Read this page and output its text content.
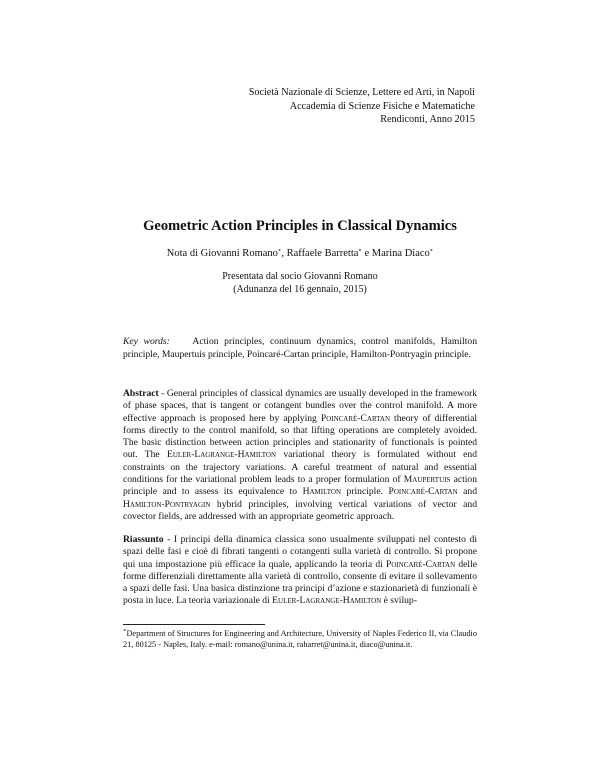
Società Nazionale di Scienze, Lettere ed Arti, in Napoli
Accademia di Scienze Fisiche e Matematiche
Rendiconti, Anno 2015
Geometric Action Principles in Classical Dynamics
Nota di Giovanni Romano∘, Raffaele Barretta∘ e Marina Diaco∘
Presentata dal socio Giovanni Romano
(Adunanza del 16 gennaio, 2015)
Key words: Action principles, continuum dynamics, control manifolds, Hamilton principle, Maupertuis principle, Poincaré-Cartan principle, Hamilton-Pontryagin principle.
Abstract - General principles of classical dynamics are usually developed in the framework of phase spaces, that is tangent or cotangent bundles over the control manifold. A more effective approach is proposed here by applying Poincaré-Cartan theory of differential forms directly to the control manifold, so that lifting operations are completely avoided. The basic distinction between action principles and stationarity of functionals is pointed out. The Euler-Lagrange-Hamilton variational theory is formulated without end constraints on the trajectory variations. A careful treatment of natural and essential conditions for the variational problem leads to a proper formulation of Maupertuis action principle and to assess its equivalence to Hamilton principle. Poincaré-Cartan and Hamilton-Pontryagin hybrid principles, involving vertical variations of vector and covector fields, are addressed with an appropriate geometric approach.
Riassunto - I principi della dinamica classica sono usualmente sviluppati nel contesto di spazi delle fasi e cioè di fibrati tangenti o cotangenti sulla varietà di controllo. Si propone qui una impostazione più efficace la quale, applicando la teoria di Poincaré-Cartan delle forme differenziali direttamente alla varietà di controllo, consente di evitare il sollevamento a spazi delle fasi. Una basica distinzione tra principi d’azione e stazionarietà di funzionali è posta in luce. La teoria variazionale di Euler-Lagrange-Hamilton è svilup-
∘Department of Structures for Engineering and Architecture, University of Naples Federico II, via Claudio 21, 80125 - Naples, Italy. e-mail: romano@unina.it, raharret@unina.it, diaco@unina.it.
